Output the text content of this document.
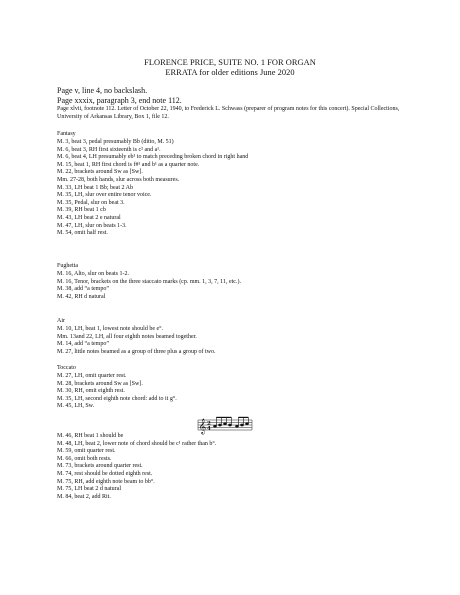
FLORENCE PRICE, SUITE NO. 1 FOR ORGAN
ERRATA for older editions June 2020
Page v, line 4, no backslash.
Page xxxix, paragraph 3, end note 112.
Page xlvii, footnote 112. Letter of October 22, 1940, to Frederick L. Schwass (preparer of program notes for this concert). Special Collections, University of Arkansas Library, Box 1, file 12.
Fantasy
M. 3, beat 3, pedal presumably Bb (ditto, M. 51)
M. 6, beat 3, RH first sixteenth is c² and a¹.
M. 6, beat 4, LH presumably eb¹ to match preceding broken chord in right hand
M. 15, beat 1, RH first chord is f#¹ and b¹ as a quarter note.
M. 22, brackets around Sw as [Sw].
Mm. 27-28, both hands, slur across both measures.
M. 33, LH beat 1 Bb; beat 2 Ab
M. 35, LH, slur over entire tenor voice.
M. 35, Pedal, slur on beat 3.
M. 39, RH beat 1 cb
M. 43, LH beat 2 e natural
M. 47, LH, slur on beats 1-3.
M. 54, omit half rest.
Fughetta
M. 16, Alto, slur on beats 1-2.
M. 16, Tenor, brackets on the three staccato marks (cp. mm. 1, 3, 7, 11, etc.).
M. 38, add “a tempo”
M. 42, RH d natural
Air
M. 10, LH, beat 1, lowest note should be e°.
Mm. 13and 22, LH, all four eighth notes beamed together.
M. 14, add “a tempo”
M. 27, little notes beamed as a group of three plus a group of two.
Toccato
M. 27, LH, omit quarter rest.
M. 28, brackets around Sw as [Sw].
M. 30, RH, omit eighth rest.
M. 35, LH, second eighth note chord: add to it g°.
M. 45, LH, Sw.
𝄞 2
4
M. 46, RH beat 1 should be
M. 48, LH, beat 2, lower note of chord should be c¹ rather than b°.
M. 59, omit quarter rest.
M. 66, omit both rests.
M. 73, brackets around quarter rest.
M. 74, rest should be dotted eighth rest.
M. 75, RH, add eighth note beam to bb°.
M. 75, LH beat 2 d natural
M. 84, beat 2, add Rit.
